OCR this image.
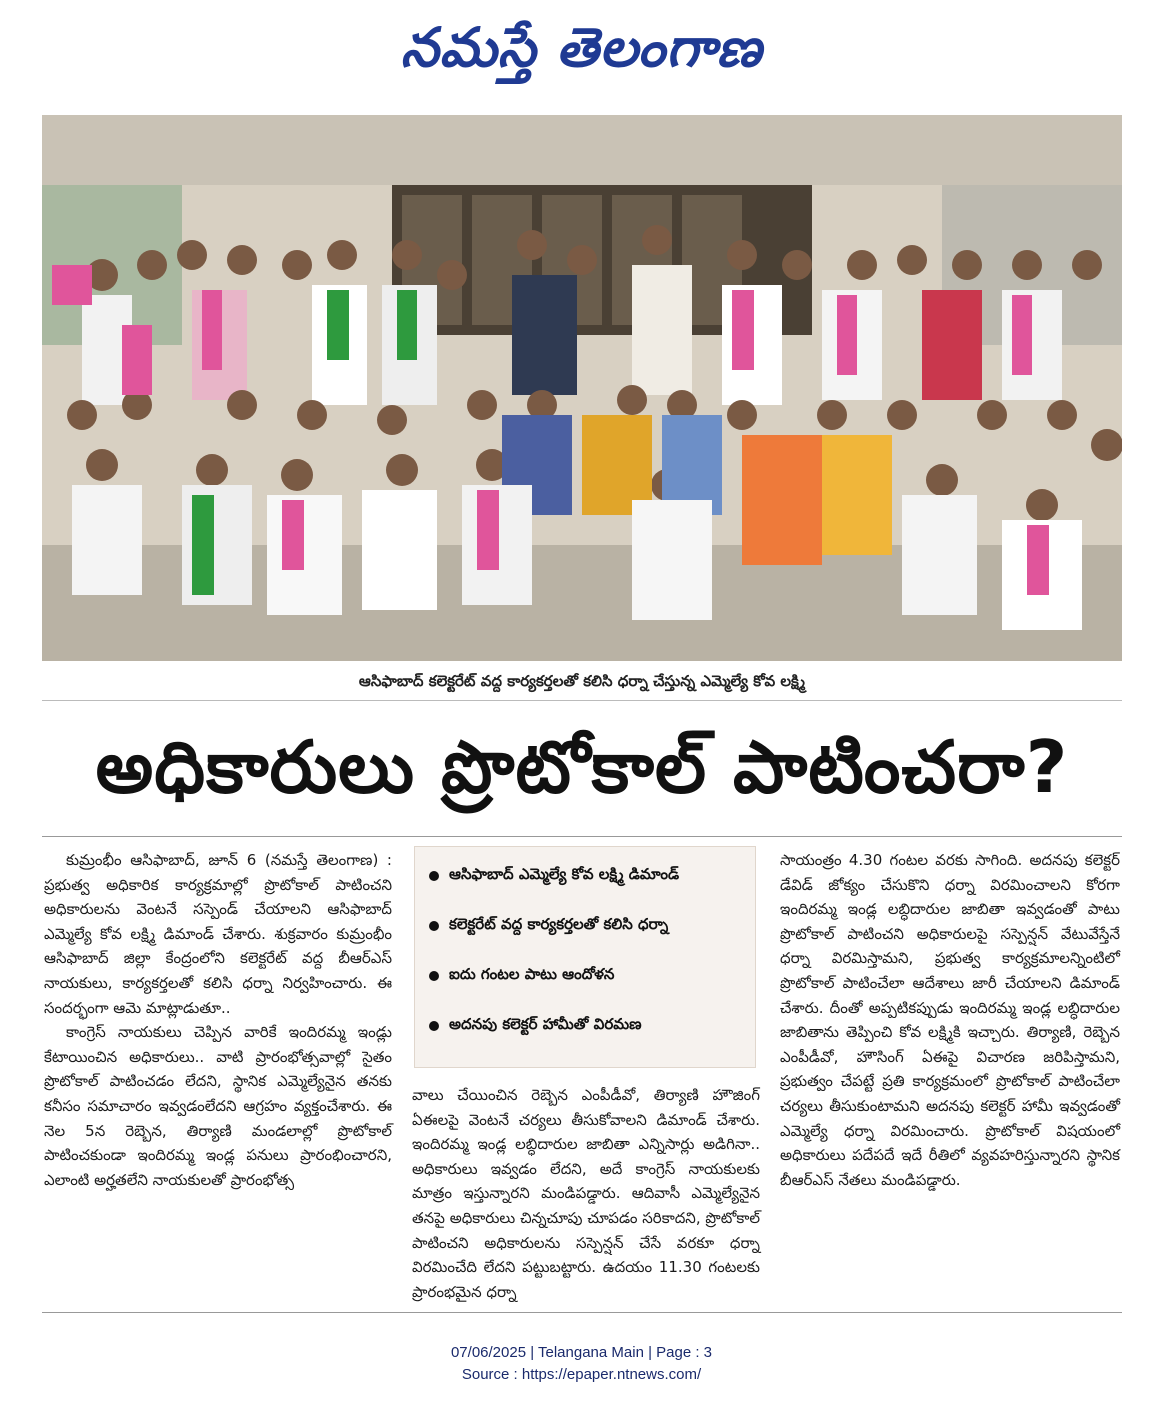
నమస్తే తెలంగాణ
ఆసిఫాబాద్ కలెక్టరేట్ వద్ద కార్యకర్తలతో కలిసి ధర్నా చేస్తున్న ఎమ్మెల్యే కోవ లక్ష్మి
అధికారులు ప్రొటోకాల్ పాటించరా?

కుమ్రంభీం ఆసిఫాబాద్, జూన్ 6 (నమస్తే తెలంగాణ) : ప్రభుత్వ అధికారిక కార్యక్రమాల్లో ప్రొటోకాల్ పాటించని అధికారులను వెంటనే సస్పెండ్ చేయాలని ఆసిఫాబాద్ ఎమ్మెల్యే కోవ లక్ష్మి డిమాండ్ చేశారు. శుక్రవారం కుమ్రంభీం ఆసిఫాబాద్ జిల్లా కేంద్రంలోని కలెక్టరేట్ వద్ద బీఆర్ఎస్ నాయకులు, కార్యకర్తలతో కలిసి ధర్నా నిర్వహించారు. ఈ సందర్భంగా ఆమె మాట్లాడుతూ..

కాంగ్రెస్ నాయకులు చెప్పిన వారికే ఇందిరమ్మ ఇండ్లు కేటాయించిన అధికారులు.. వాటి ప్రారంభోత్సవాల్లో సైతం ప్రొటోకాల్ పాటించడం లేదని, స్థానిక ఎమ్మెల్యేనైన తనకు కనీసం సమాచారం ఇవ్వడంలేదని ఆగ్రహం వ్యక్తంచేశారు. ఈ నెల 5న రెబ్బెన, తిర్యాణి మండలాల్లో ప్రొటోకాల్ పాటించకుండా ఇందిరమ్మ ఇండ్ల పనులు ప్రారంభించారని, ఎలాంటి అర్హతలేని నాయకులతో ప్రారంభోత్స

ఆసిఫాబాద్ ఎమ్మెల్యే కోవ లక్ష్మి డిమాండ్
కలెక్టరేట్ వద్ద కార్యకర్తలతో కలిసి ధర్నా
ఐదు గంటల పాటు ఆందోళన
అదనపు కలెక్టర్ హామీతో విరమణ

వాలు చేయించిన రెబ్బెన ఎంపీడీవో, తిర్యాణి హౌజింగ్ ఏఈలపై వెంటనే చర్యలు తీసుకోవాలని డిమాండ్ చేశారు. ఇందిరమ్మ ఇండ్ల లబ్ధిదారుల జాబితా ఎన్నిసార్లు అడిగినా.. అధికారులు ఇవ్వడం లేదని, అదే కాంగ్రెస్ నాయకులకు మాత్రం ఇస్తున్నారని మండిపడ్డారు. ఆదివాసీ ఎమ్మెల్యేనైన తనపై అధికారులు చిన్నచూపు చూపడం సరికాదని, ప్రొటోకాల్ పాటించని అధికారులను సస్పెన్షన్ చేసే వరకూ ధర్నా విరమించేది లేదని పట్టుబట్టారు. ఉదయం 11.30 గంటలకు ప్రారంభమైన ధర్నా

సాయంత్రం 4.30 గంటల వరకు సాగింది. అదనపు కలెక్టర్ డేవిడ్ జోక్యం చేసుకొని ధర్నా విరమించాలని కోరగా ఇందిరమ్మ ఇండ్ల లబ్ధిదారుల జాబితా ఇవ్వడంతో పాటు ప్రొటోకాల్ పాటించని అధికారులపై సస్పెన్షన్ వేటువేస్తేనే ధర్నా విరమిస్తామని, ప్రభుత్వ కార్యక్రమాలన్నింటిలో ప్రొటోకాల్ పాటించేలా ఆదేశాలు జారీ చేయాలని డిమాండ్ చేశారు. దీంతో అప్పటికప్పుడు ఇందిరమ్మ ఇండ్ల లబ్ధిదారుల జాబితాను తెప్పించి కోవ లక్ష్మికి ఇచ్చారు. తిర్యాణి, రెబ్బెన ఎంపీడీవో, హౌసింగ్ ఏఈపై విచారణ జరిపిస్తామని, ప్రభుత్వం చేపట్టే ప్రతి కార్యక్రమంలో ప్రొటోకాల్ పాటించేలా చర్యలు తీసుకుంటామని అదనపు కలెక్టర్ హామీ ఇవ్వడంతో ఎమ్మెల్యే ధర్నా విరమించారు. ప్రొటోకాల్ విషయంలో అధికారులు పదేపదే ఇదే రీతిలో వ్యవహరిస్తున్నారని స్థానిక బీఆర్ఎస్ నేతలు మండిపడ్డారు.

07/06/2025 | Telangana Main | Page : 3
Source : https://epaper.ntnews.com/
